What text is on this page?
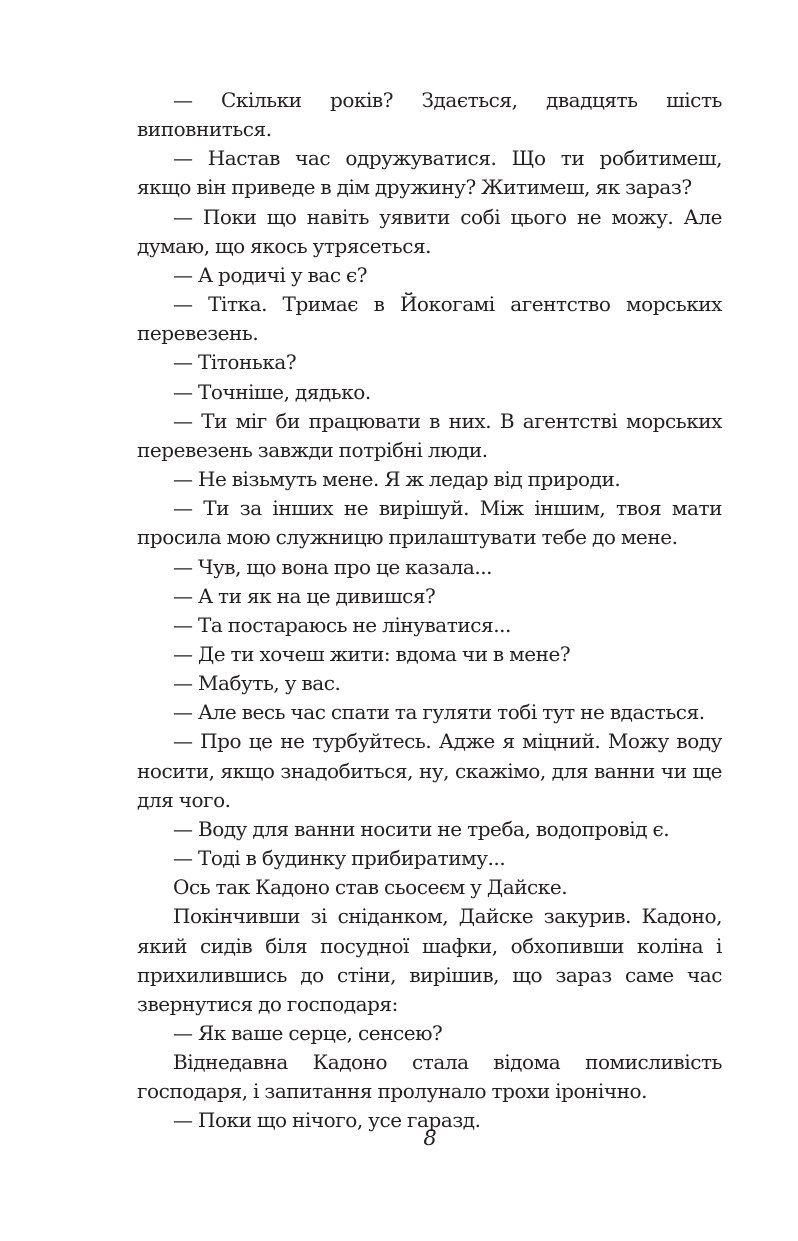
— Скільки років? Здається, двадцять шість виповниться.

— Настав час одружуватися. Що ти робитимеш, якщо він приведе в дім дружину? Житимеш, як зараз?

— Поки що навіть уявити собі цього не можу. Але думаю, що якось утрясеться.

— А родичі у вас є?

— Тітка. Тримає в Йокогамі агентство морських перевезень.

— Тітонька?

— Точніше, дядько.

— Ти міг би працювати в них. В агентстві морських перевезень завжди потрібні люди.

— Не візьмуть мене. Я ж ледар від природи.

— Ти за інших не вирішуй. Між іншим, твоя мати просила мою служницю прилаштувати тебе до мене.

— Чув, що вона про це казала...

— А ти як на це дивишся?

— Та постараюсь не лінуватися...

— Де ти хочеш жити: вдома чи в мене?

— Мабуть, у вас.

— Але весь час спати та гуляти тобі тут не вдасться.

— Про це не турбуйтесь. Адже я міцний. Можу воду носити, якщо знадобиться, ну, скажімо, для ванни чи ще для чого.

— Воду для ванни носити не треба, водопровід є.

— Тоді в будинку прибиратиму...

Ось так Кадоно став сьосеєм у Дайске.

Покінчивши зі сніданком, Дайске закурив. Кадоно, який сидів біля посудної шафки, обхопивши коліна і прихилившись до стіни, вирішив, що зараз саме час звернутися до господаря:

— Як ваше серце, сенсею?

Віднедавна Кадоно стала відома помисливість господаря, і запитання пролунало трохи іронічно.

— Поки що нічого, усе гаразд.

8
